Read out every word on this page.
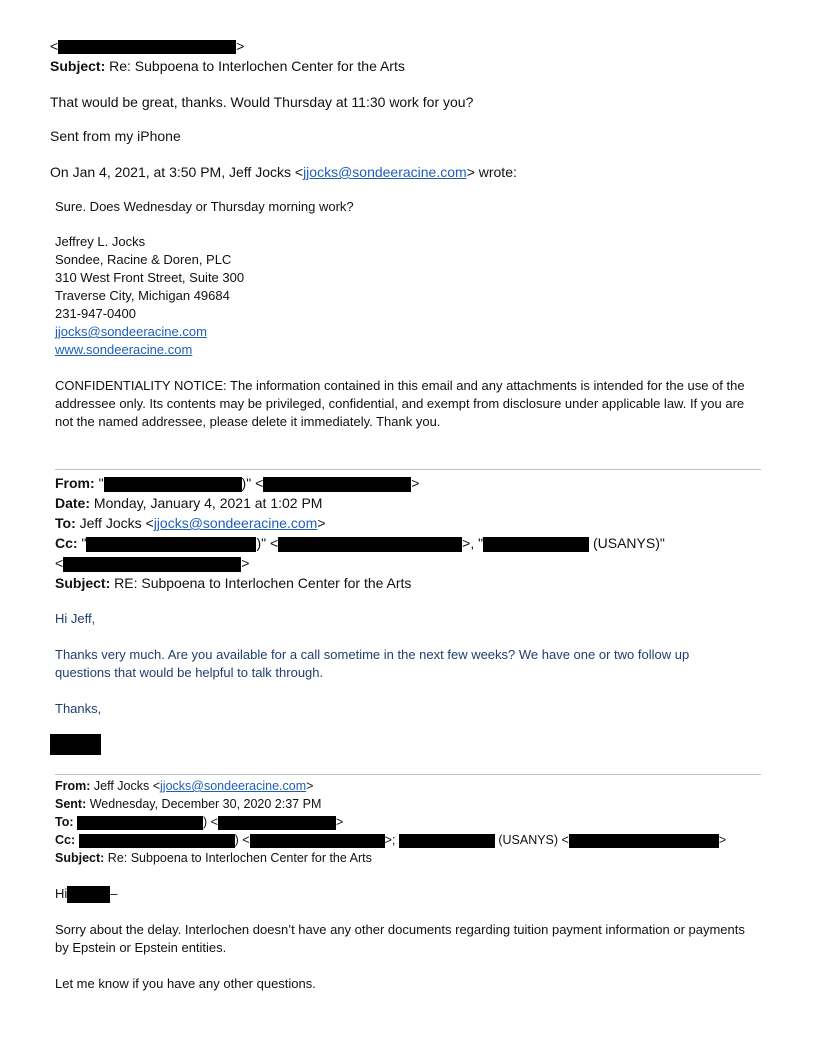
<	>
Subject: Re: Subpoena to Interlochen Center for the Arts
That would be great, thanks. Would Thursday at 11:30 work for you?
Sent from my iPhone
On Jan 4, 2021, at 3:50 PM, Jeff Jocks <jjocks@sondeeracine.com> wrote:
Sure. Does Wednesday or Thursday morning work?
Jeffrey L. Jocks
Sondee, Racine & Doren, PLC
310 West Front Street, Suite 300
Traverse City, Michigan 49684
231-947-0400
jjocks@sondeeracine.com
www.sondeeracine.com
CONFIDENTIALITY NOTICE: The information contained in this email and any attachments is intended for the use of the addressee only. Its contents may be privileged, confidential, and exempt from disclosure under applicable law. If you are not the named addressee, please delete it immediately. Thank you.
From: "	)" <	>
Date: Monday, January 4, 2021 at 1:02 PM
To: Jeff Jocks <jjocks@sondeeracine.com>
Cc: "	)" <	>, "	(USANYS)"
<	>
Subject: RE: Subpoena to Interlochen Center for the Arts
Hi Jeff,
Thanks very much. Are you available for a call sometime in the next few weeks? We have one or two follow up questions that would be helpful to talk through.
Thanks,
From: Jeff Jocks <jjocks@sondeeracine.com>
Sent: Wednesday, December 30, 2020 2:37 PM
To:	) <	>
Cc:	) <	>;	(USANYS) <	>
Subject: Re: Subpoena to Interlochen Center for the Arts
Hi	–
Sorry about the delay. Interlochen doesn’t have any other documents regarding tuition payment information or payments by Epstein or Epstein entities.
Let me know if you have any other questions.
